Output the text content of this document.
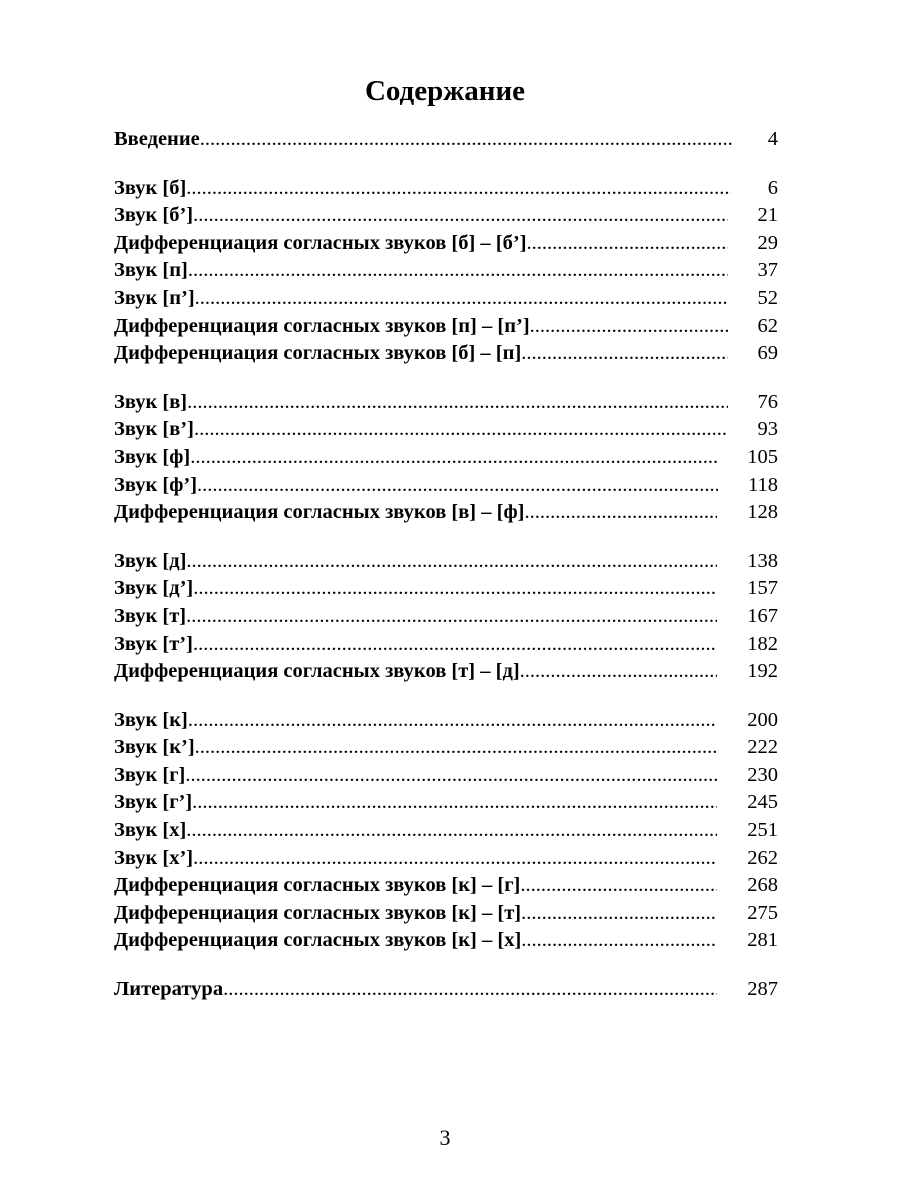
Содержание
Введение .....	4
Звук [б] .....	6
Звук [б’] .....	21
Дифференциация согласных звуков [б] – [б’] .....	29
Звук [п] .....	37
Звук [п’] .....	52
Дифференциация согласных звуков [п] – [п’] .....	62
Дифференциация согласных звуков [б] – [п] .....	69
Звук [в] .....	76
Звук [в’] .....	93
Звук [ф] .....	105
Звук [ф’] .....	118
Дифференциация согласных звуков [в] – [ф] .....	128
Звук [д] .....	138
Звук [д’] .....	157
Звук [т] .....	167
Звук [т’] .....	182
Дифференциация согласных звуков [т] – [д] .....	192
Звук [к] .....	200
Звук [к’] .....	222
Звук [г] .....	230
Звук [г’] .....	245
Звук [х] .....	251
Звук [х’] .....	262
Дифференциация согласных звуков [к] – [г] .....	268
Дифференциация согласных звуков [к] – [т] .....	275
Дифференциация согласных звуков [к] – [х] .....	281
Литература .....	287
3
